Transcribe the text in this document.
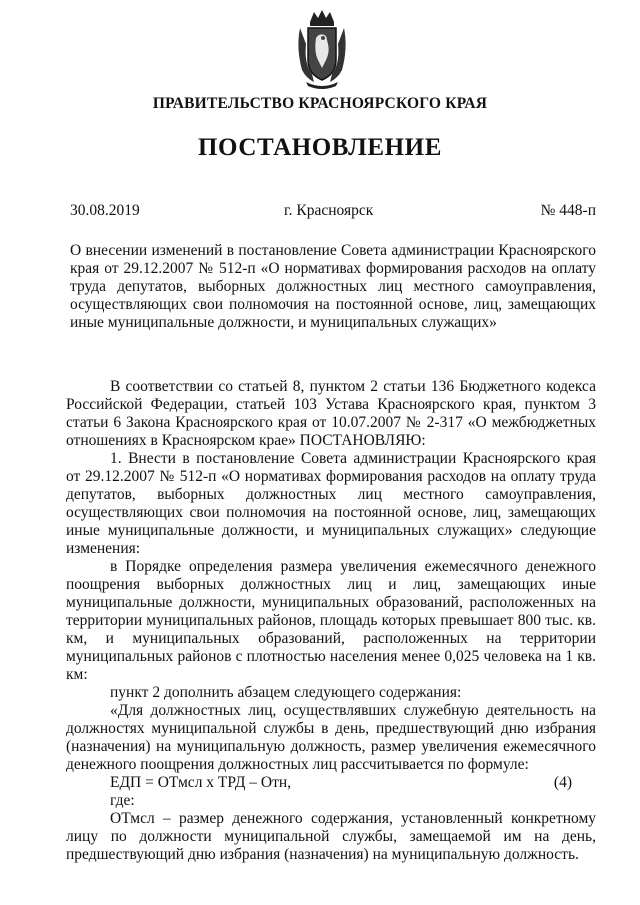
ПРАВИТЕЛЬСТВО КРАСНОЯРСКОГО КРАЯ
ПОСТАНОВЛЕНИЕ
30.08.2019	г. Красноярск	№ 448-п
О внесении изменений в постановление Совета администрации Красноярского края от 29.12.2007 № 512-п «О нормативах формирования расходов на оплату труда депутатов, выборных должностных лиц местного самоуправления, осуществляющих свои полномочия на постоянной основе, лиц, замещающих иные муниципальные должности, и муниципальных служащих»

В соответствии со статьей 8, пунктом 2 статьи 136 Бюджетного кодекса Российской Федерации, статьей 103 Устава Красноярского края, пунктом 3 статьи 6 Закона Красноярского края от 10.07.2007 № 2-317 «О межбюджетных отношениях в Красноярском крае» ПОСТАНОВЛЯЮ:

1. Внести в постановление Совета администрации Красноярского края от 29.12.2007 № 512-п «О нормативах формирования расходов на оплату труда депутатов, выборных должностных лиц местного самоуправления, осуществляющих свои полномочия на постоянной основе, лиц, замещающих иные муниципальные должности, и муниципальных служащих» следующие изменения:

в Порядке определения размера увеличения ежемесячного денежного поощрения выборных должностных лиц и лиц, замещающих иные муниципальные должности, муниципальных образований, расположенных на территории муниципальных районов, площадь которых превышает 800 тыс. кв. км, и муниципальных образований, расположенных на территории муниципальных районов с плотностью населения менее 0,025 человека на 1 кв. км:

пункт 2 дополнить абзацем следующего содержания:

«Для должностных лиц, осуществлявших служебную деятельность на должностях муниципальной службы в день, предшествующий дню избрания (назначения) на муниципальную должность, размер увеличения ежемесячного денежного поощрения должностных лиц рассчитывается по формуле:

ЕДП = ОТмсл х ТРД – Отн,	(4)

где:

ОТмсл – размер денежного содержания, установленный конкретному лицу по должности муниципальной службы, замещаемой им на день, предшествующий дню избрания (назначения) на муниципальную должность.
